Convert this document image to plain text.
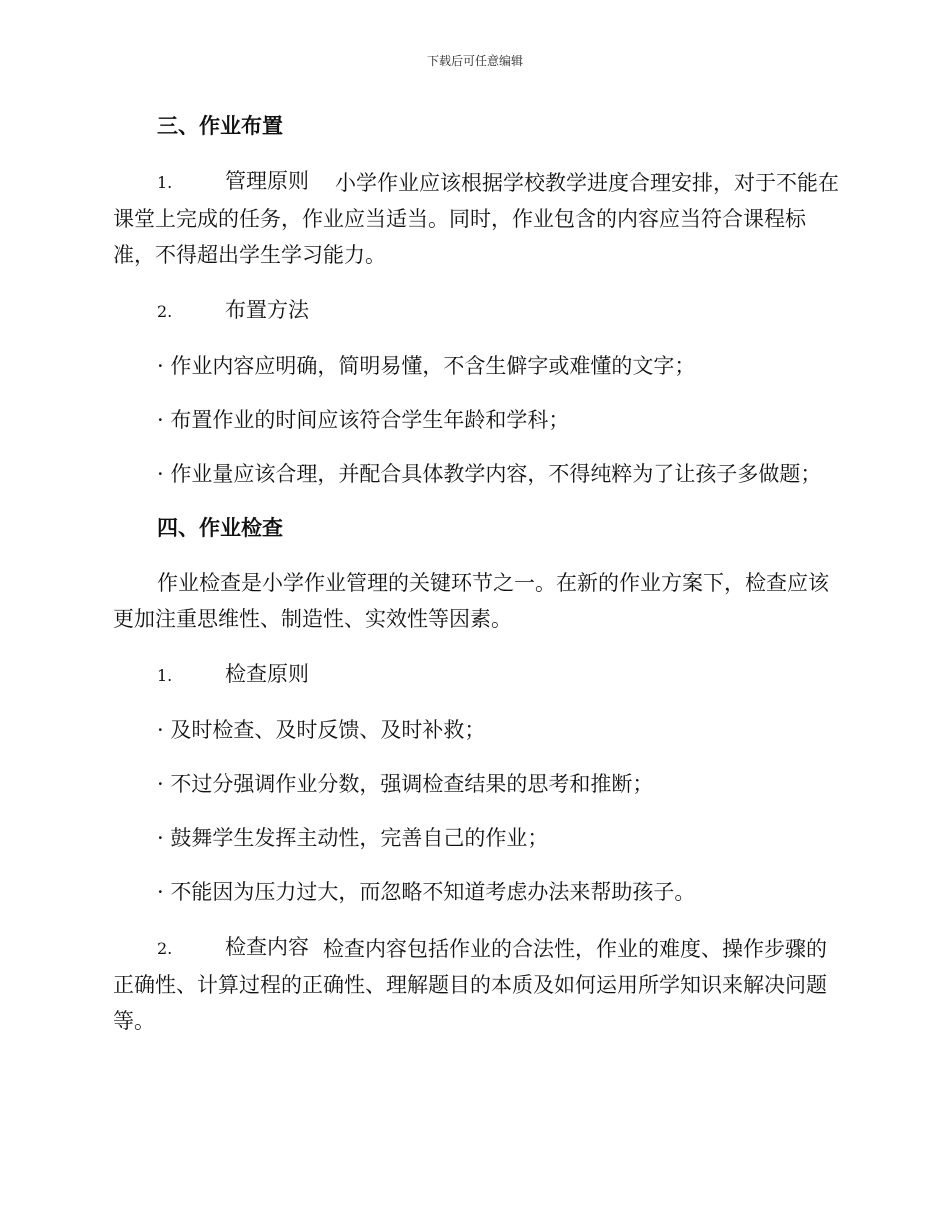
下载后可任意编辑
三、作业布置

1.	管理原则	小学作业应该根据学校教学进度合理安排，对于不能在课堂上完成的任务，作业应当适当。同时，作业包含的内容应当符合课程标准，不得超出学生学习能力。

2.	布置方法

· 作业内容应明确，简明易懂，不含生僻字或难懂的文字；

· 布置作业的时间应该符合学生年龄和学科；

· 作业量应该合理，并配合具体教学内容，不得纯粹为了让孩子多做题；

四、作业检查

作业检查是小学作业管理的关键环节之一。在新的作业方案下，检查应该更加注重思维性、制造性、实效性等因素。

1.	检查原则

· 及时检查、及时反馈、及时补救；

· 不过分强调作业分数，强调检查结果的思考和推断；

· 鼓舞学生发挥主动性，完善自己的作业；

· 不能因为压力过大，而忽略不知道考虑办法来帮助孩子。

2.	检查内容 检查内容包括作业的合法性，作业的难度、操作步骤的正确性、计算过程的正确性、理解题目的本质及如何运用所学知识来解决问题等。
